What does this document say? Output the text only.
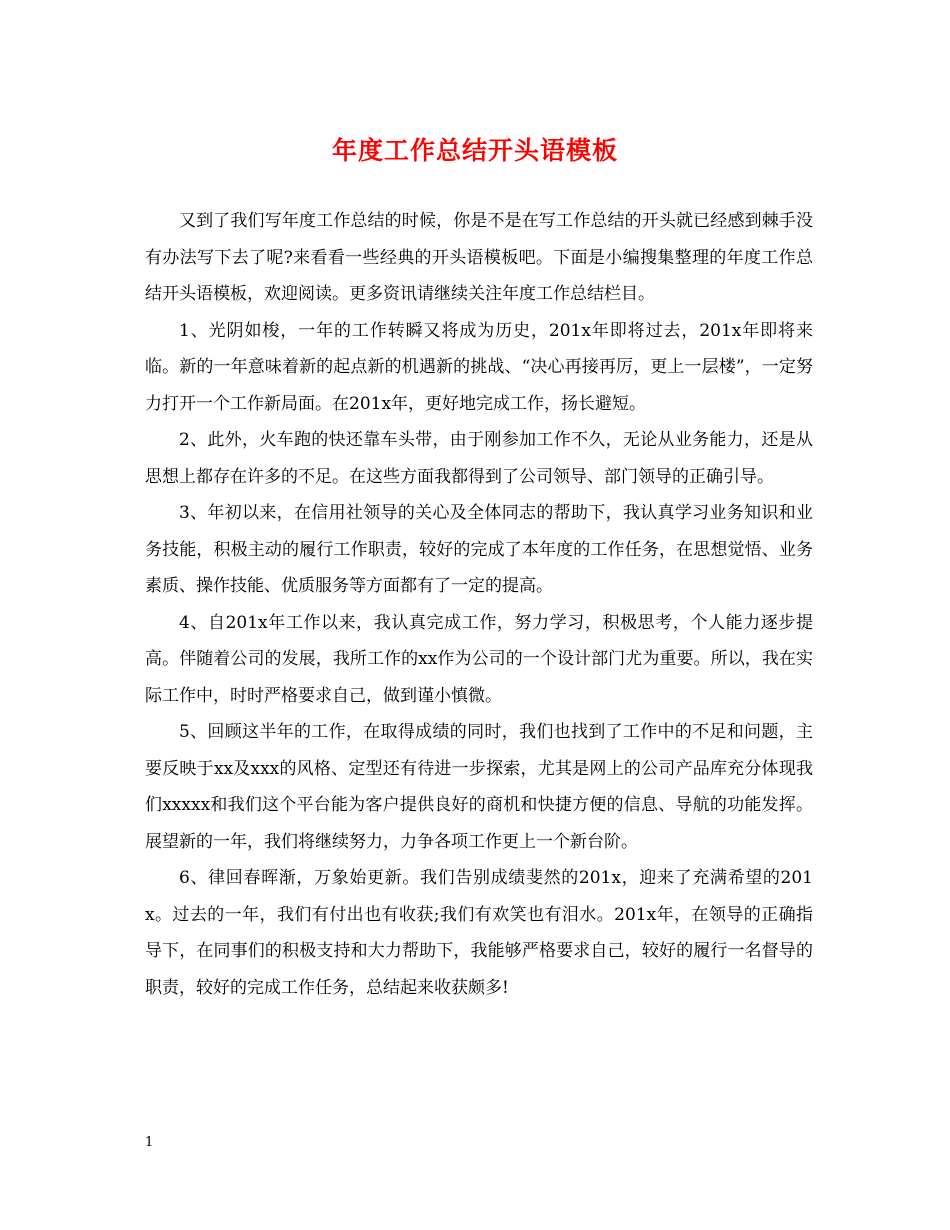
年度工作总结开头语模板

又到了我们写年度工作总结的时候，你是不是在写工作总结的开头就已经感到棘手没有办法写下去了呢?来看看一些经典的开头语模板吧。下面是小编搜集整理的年度工作总结开头语模板，欢迎阅读。更多资讯请继续关注年度工作总结栏目。

1、光阴如梭，一年的工作转瞬又将成为历史，201x年即将过去，201x年即将来临。新的一年意味着新的起点新的机遇新的挑战、“决心再接再厉，更上一层楼”，一定努力打开一个工作新局面。在201x年，更好地完成工作，扬长避短。

2、此外，火车跑的快还靠车头带，由于刚参加工作不久，无论从业务能力，还是从思想上都存在许多的不足。在这些方面我都得到了公司领导、部门领导的正确引导。

3、年初以来，在信用社领导的关心及全体同志的帮助下，我认真学习业务知识和业务技能，积极主动的履行工作职责，较好的完成了本年度的工作任务，在思想觉悟、业务素质、操作技能、优质服务等方面都有了一定的提高。

4、自201x年工作以来，我认真完成工作，努力学习，积极思考，个人能力逐步提高。伴随着公司的发展，我所工作的xx作为公司的一个设计部门尤为重要。所以，我在实际工作中，时时严格要求自己，做到谨小慎微。

5、回顾这半年的工作，在取得成绩的同时，我们也找到了工作中的不足和问题，主要反映于xx及xxx的风格、定型还有待进一步探索，尤其是网上的公司产品库充分体现我们xxxxx和我们这个平台能为客户提供良好的商机和快捷方便的信息、导航的功能发挥。展望新的一年，我们将继续努力，力争各项工作更上一个新台阶。

6、律回春晖渐，万象始更新。我们告别成绩斐然的201x，迎来了充满希望的201x。过去的一年，我们有付出也有收获;我们有欢笑也有泪水。201x年，在领导的正确指导下，在同事们的积极支持和大力帮助下，我能够严格要求自己，较好的履行一名督导的职责，较好的完成工作任务，总结起来收获颇多!

1
